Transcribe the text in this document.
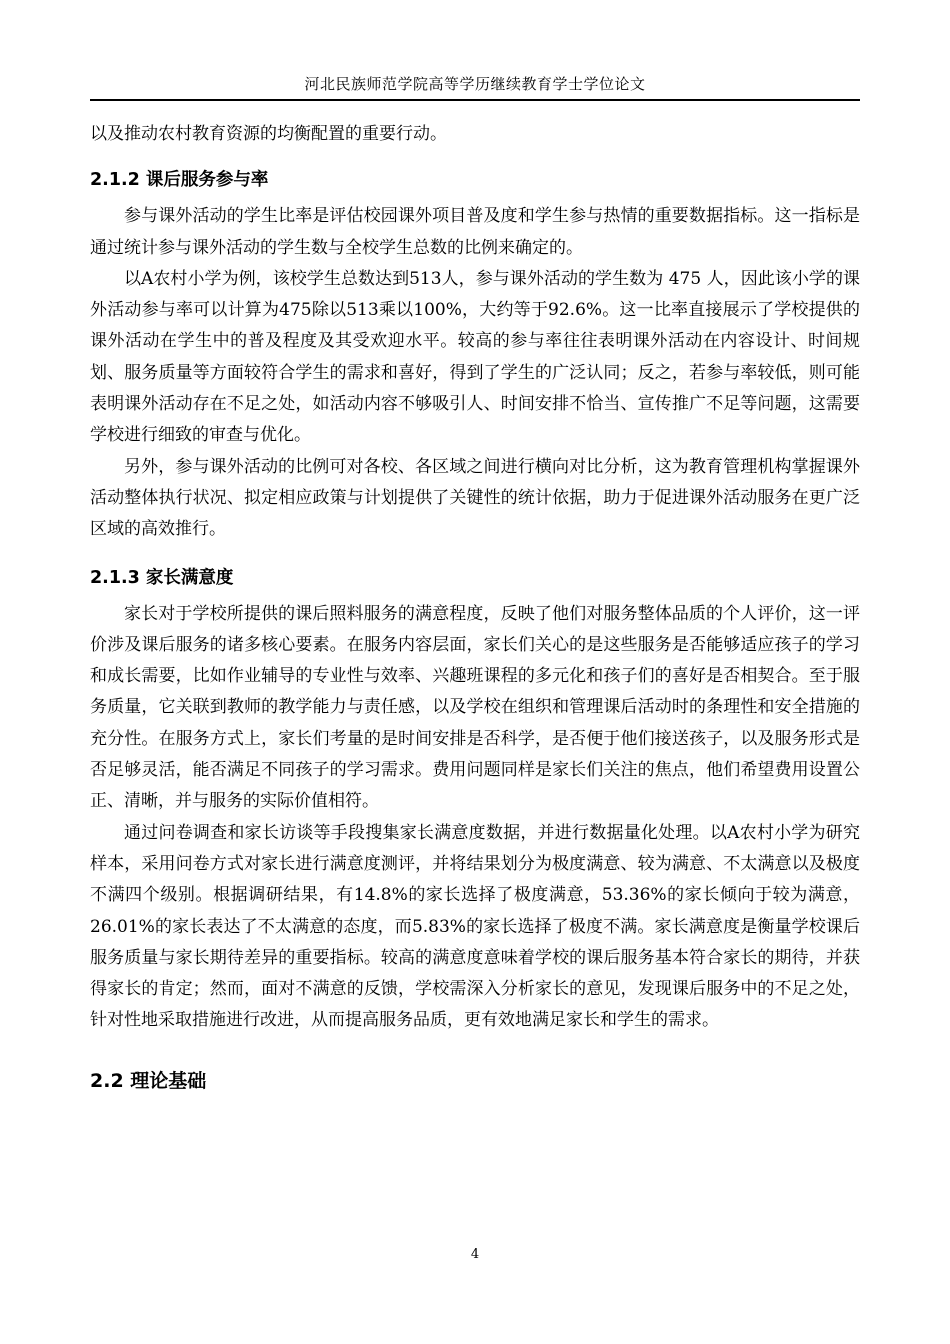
河北民族师范学院高等学历继续教育学士学位论文

以及推动农村教育资源的均衡配置的重要行动。

2.1.2 课后服务参与率

参与课外活动的学生比率是评估校园课外项目普及度和学生参与热情的重要数据指标。这一指标是通过统计参与课外活动的学生数与全校学生总数的比例来确定的。

以A农村小学为例，该校学生总数达到513人，参与课外活动的学生数为 475 人，因此该小学的课外活动参与率可以计算为475除以513乘以100%，大约等于92.6%。这一比率直接展示了学校提供的课外活动在学生中的普及程度及其受欢迎水平。较高的参与率往往表明课外活动在内容设计、时间规划、服务质量等方面较符合学生的需求和喜好，得到了学生的广泛认同；反之，若参与率较低，则可能表明课外活动存在不足之处，如活动内容不够吸引人、时间安排不恰当、宣传推广不足等问题，这需要学校进行细致的审查与优化。

另外，参与课外活动的比例可对各校、各区域之间进行横向对比分析，这为教育管理机构掌握课外活动整体执行状况、拟定相应政策与计划提供了关键性的统计依据，助力于促进课外活动服务在更广泛区域的高效推行。

2.1.3 家长满意度

家长对于学校所提供的课后照料服务的满意程度，反映了他们对服务整体品质的个人评价，这一评价涉及课后服务的诸多核心要素。在服务内容层面，家长们关心的是这些服务是否能够适应孩子的学习和成长需要，比如作业辅导的专业性与效率、兴趣班课程的多元化和孩子们的喜好是否相契合。至于服务质量，它关联到教师的教学能力与责任感，以及学校在组织和管理课后活动时的条理性和安全措施的充分性。在服务方式上，家长们考量的是时间安排是否科学，是否便于他们接送孩子，以及服务形式是否足够灵活，能否满足不同孩子的学习需求。费用问题同样是家长们关注的焦点，他们希望费用设置公正、清晰，并与服务的实际价值相符。

通过问卷调查和家长访谈等手段搜集家长满意度数据，并进行数据量化处理。以A农村小学为研究样本，采用问卷方式对家长进行满意度测评，并将结果划分为极度满意、较为满意、不太满意以及极度不满四个级别。根据调研结果，有14.8%的家长选择了极度满意，53.36%的家长倾向于较为满意，26.01%的家长表达了不太满意的态度，而5.83%的家长选择了极度不满。家长满意度是衡量学校课后服务质量与家长期待差异的重要指标。较高的满意度意味着学校的课后服务基本符合家长的期待，并获得家长的肯定；然而，面对不满意的反馈，学校需深入分析家长的意见，发现课后服务中的不足之处，针对性地采取措施进行改进，从而提高服务品质，更有效地满足家长和学生的需求。

2.2 理论基础
4
